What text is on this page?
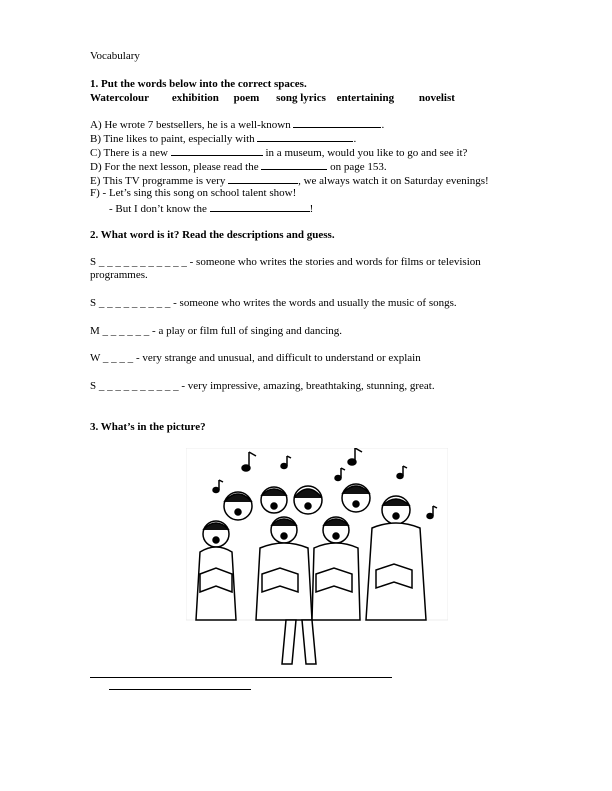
Vocabulary
1. Put the words below into the correct spaces.
Watercolour exhibition poem song lyrics entertaining novelist
A) He wrote 7 bestsellers, he is a well-known	.
B) Tine likes to paint, especially with	.
C) There is a new	in a museum, would you like to go and see it?
D) For the next lesson, please read the	on page 153.
E) This TV programme is very	, we always watch it on Saturday evenings!
F) - Let’s sing this song on school talent show!
- But I don’t know the	!
2. What word is it? Read the descriptions and guess.
S _ _ _ _ _ _ _ _ _ _ _ - someone who writes the stories and words for films or television programmes.
S _ _ _ _ _ _ _ _ _ - someone who writes the words and usually the music of songs.
M _ _ _ _ _ _ - a play or film full of singing and dancing.
W _ _ _ _ - very strange and unusual, and difficult to understand or explain
S _ _ _ _ _ _ _ _ _ _ - very impressive, amazing, breathtaking, stunning, great.
3. What’s in the picture?
